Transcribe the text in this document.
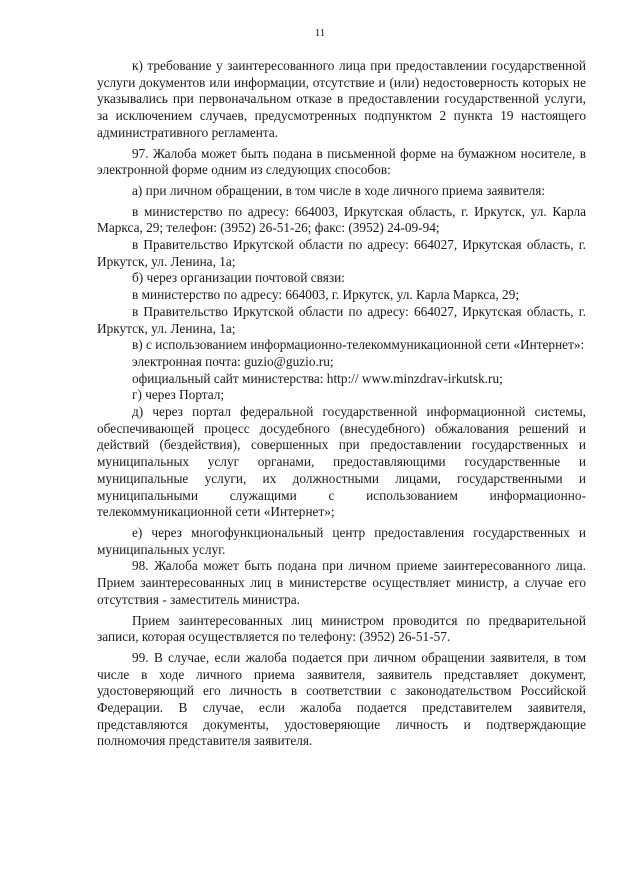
11

к) требование у заинтересованного лица при предоставлении государственной услуги документов или информации, отсутствие и (или) недостоверность которых не указывались при первоначальном отказе в предоставлении государственной услуги, за исключением случаев, предусмотренных подпунктом 2 пункта 19 настоящего административного регламента.

97. Жалоба может быть подана в письменной форме на бумажном носителе, в электронной форме одним из следующих способов:

а) при личном обращении, в том числе в ходе личного приема заявителя:

в министерство по адресу: 664003, Иркутская область, г. Иркутск, ул. Карла Маркса, 29; телефон: (3952) 26-51-26; факс: (3952) 24-09-94;

в Правительство Иркутской области по адресу: 664027, Иркутская область, г. Иркутск, ул. Ленина, 1а;

б) через организации почтовой связи:

в министерство по адресу: 664003, г. Иркутск, ул. Карла Маркса, 29;

в Правительство Иркутской области по адресу: 664027, Иркутская область, г. Иркутск, ул. Ленина, 1а;

в) с использованием информационно-телекоммуникационной сети «Интернет»:

электронная почта: guzio@guzio.ru;

официальный сайт министерства: http:// www.minzdrav-irkutsk.ru;

г) через Портал;

д) через портал федеральной государственной информационной системы, обеспечивающей процесс досудебного (внесудебного) обжалования решений и действий (бездействия), совершенных при предоставлении государственных и муниципальных услуг органами, предоставляющими государственные и муниципальные услуги, их должностными лицами, государственными и муниципальными служащими с использованием информационно-телекоммуникационной сети «Интернет»;

е) через многофункциональный центр предоставления государственных и муниципальных услуг.

98. Жалоба может быть подана при личном приеме заинтересованного лица. Прием заинтересованных лиц в министерстве осуществляет министр, а случае его отсутствия - заместитель министра.

Прием заинтересованных лиц министром проводится по предварительной записи, которая осуществляется по телефону: (3952) 26-51-57.

99. В случае, если жалоба подается при личном обращении заявителя, в том числе в ходе личного приема заявителя, заявитель представляет документ, удостоверяющий его личность в соответствии с законодательством Российской Федерации. В случае, если жалоба подается представителем заявителя, представляются документы, удостоверяющие личность и подтверждающие полномочия представителя заявителя.
